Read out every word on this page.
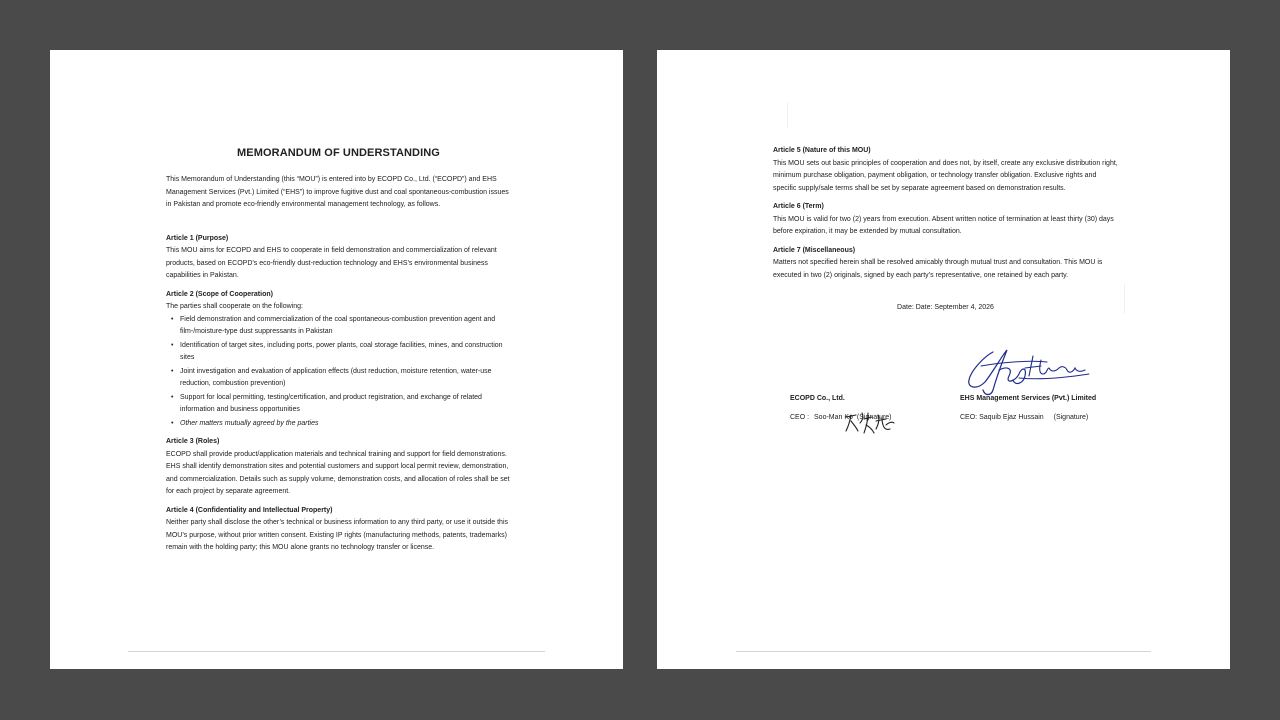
MEMORANDUM OF UNDERSTANDING

This Memorandum of Understanding (this “MOU”) is entered into by ECOPD Co., Ltd. (“ECOPD”) and EHS Management Services (Pvt.) Limited (“EHS”) to improve fugitive dust and coal spontaneous-combustion issues in Pakistan and promote eco-friendly environmental management technology, as follows.

Article 1 (Purpose)

This MOU aims for ECOPD and EHS to cooperate in field demonstration and commercialization of relevant products, based on ECOPD’s eco-friendly dust-reduction technology and EHS’s environmental business capabilities in Pakistan.

Article 2 (Scope of Cooperation)

The parties shall cooperate on the following:

• Field demonstration and commercialization of the coal spontaneous-combustion prevention agent and film-/moisture-type dust suppressants in Pakistan
• Identification of target sites, including ports, power plants, coal storage facilities, mines, and construction sites
• Joint investigation and evaluation of application effects (dust reduction, moisture retention, water-use reduction, combustion prevention)
• Support for local permitting, testing/certification, and product registration, and exchange of related information and business opportunities
• Other matters mutually agreed by the parties
Article 3 (Roles)

ECOPD shall provide product/application materials and technical training and support for field demonstrations. EHS shall identify demonstration sites and potential customers and support local permit review, demonstration, and commercialization. Details such as supply volume, demonstration costs, and allocation of roles shall be set for each project by separate agreement.

Article 4 (Confidentiality and Intellectual Property)

Neither party shall disclose the other’s technical or business information to any third party, or use it outside this MOU’s purpose, without prior written consent. Existing IP rights (manufacturing methods, patents, trademarks) remain with the holding party; this MOU alone grants no technology transfer or license.

Article 5 (Nature of this MOU)

This MOU sets out basic principles of cooperation and does not, by itself, create any exclusive distribution right, minimum purchase obligation, payment obligation, or technology transfer obligation. Exclusive rights and specific supply/sale terms shall be set by separate agreement based on demonstration results.

Article 6 (Term)

This MOU is valid for two (2) years from execution. Absent written notice of termination at least thirty (30) days before expiration, it may be extended by mutual consultation.

Article 7 (Miscellaneous)

Matters not specified herein shall be resolved amicably through mutual trust and consultation. This MOU is executed in two (2) originals, signed by each party’s representative, one retained by each party.

Date: Date: September 4, 2026

ECOPD Co., Ltd.
CEO : Soo-Man Ko (Signature)
EHS Management Services (Pvt.) Limited
CEO: Saquib Ejaz Hussain (Signature)
